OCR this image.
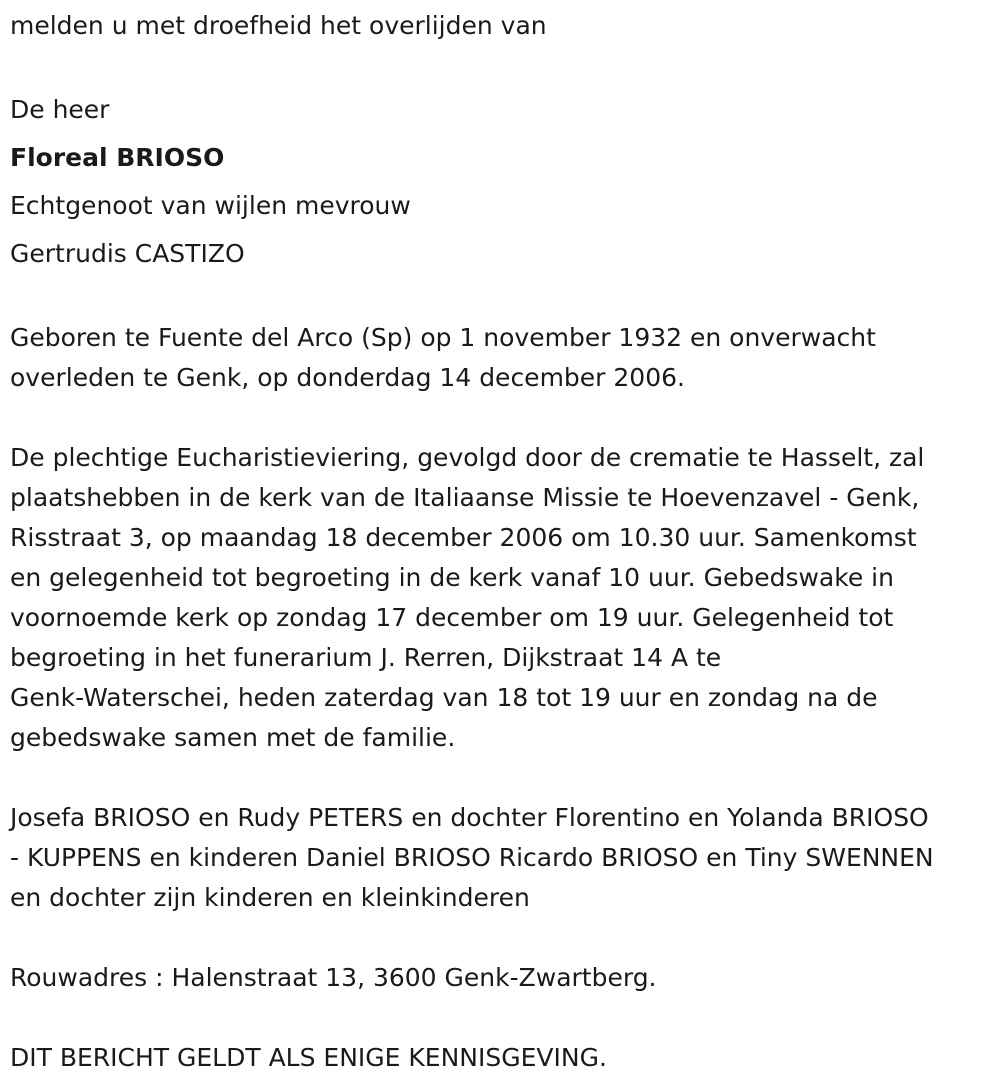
melden u met droefheid het overlijden van
De heer
Floreal BRIOSO
Echtgenoot van wijlen mevrouw
Gertrudis CASTIZO
Geboren te Fuente del Arco (Sp) op 1 november 1932 en onverwacht
overleden te Genk, op donderdag 14 december 2006.
De plechtige Eucharistieviering, gevolgd door de crematie te Hasselt, zal
plaatshebben in de kerk van de Italiaanse Missie te Hoevenzavel - Genk,
Risstraat 3, op maandag 18 december 2006 om 10.30 uur. Samenkomst
en gelegenheid tot begroeting in de kerk vanaf 10 uur. Gebedswake in
voornoemde kerk op zondag 17 december om 19 uur. Gelegenheid tot
begroeting in het funerarium J. Rerren, Dijkstraat 14 A te
Genk-Waterschei, heden zaterdag van 18 tot 19 uur en zondag na de
gebedswake samen met de familie.
Josefa BRIOSO en Rudy PETERS en dochter Florentino en Yolanda BRIOSO
- KUPPENS en kinderen Daniel BRIOSO Ricardo BRIOSO en Tiny SWENNEN
en dochter zijn kinderen en kleinkinderen
Rouwadres : Halenstraat 13, 3600 Genk-Zwartberg.
DIT BERICHT GELDT ALS ENIGE KENNISGEVING.
